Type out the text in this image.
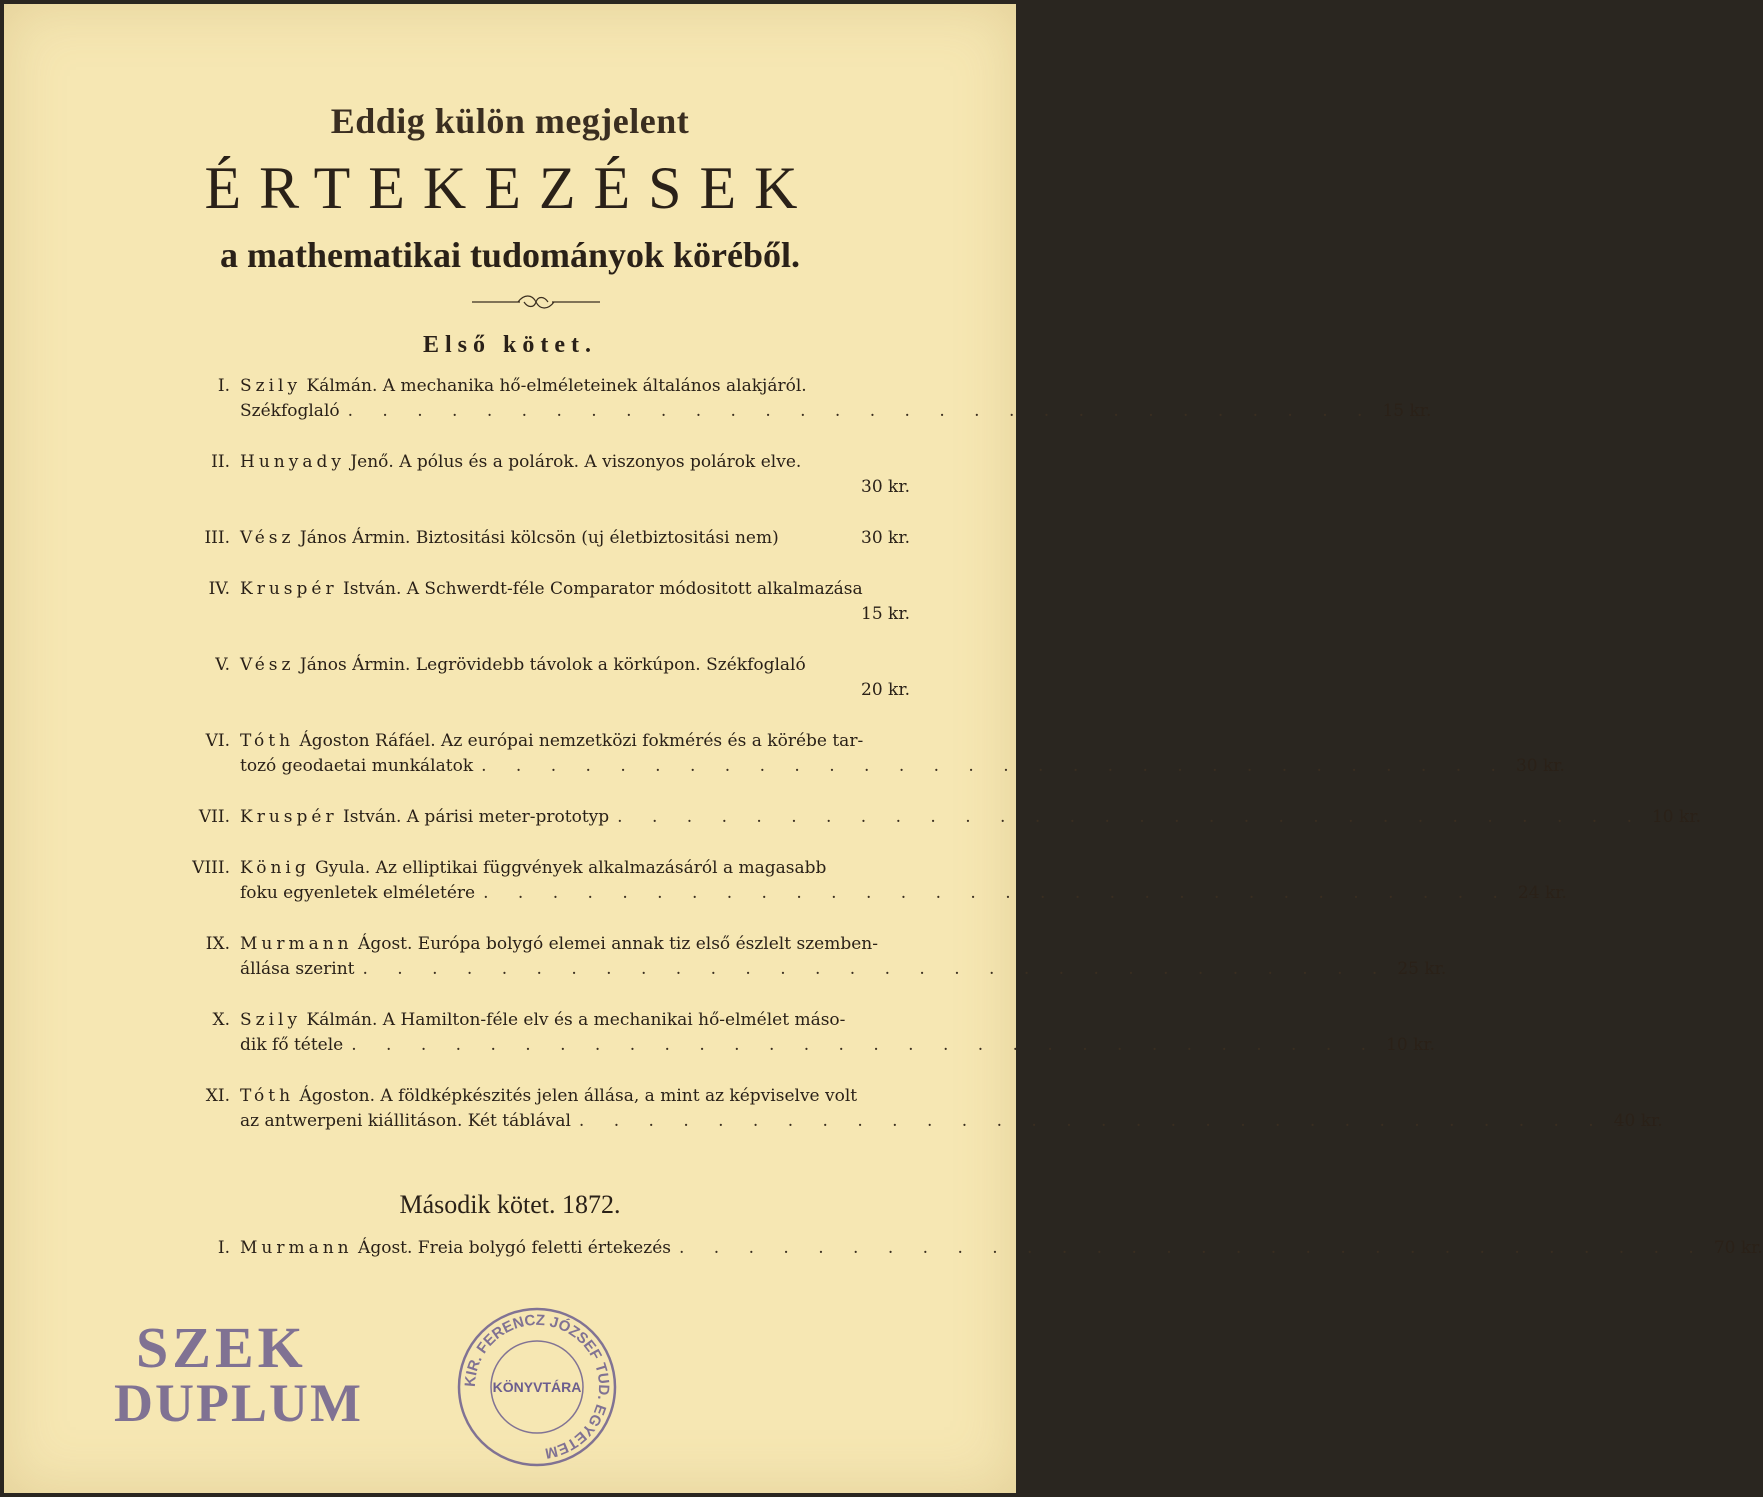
Eddig külön megjelent
ÉRTEKEZÉSEK
a mathematikai tudományok köréből.
Első kötet.
I. Szily Kálmán. A mechanika hő-elméleteinek általános alakjáról.
Székfoglaló . . . . . . . . . . . . . . . . . . . . . . . . . . . . . . 15 kr.
II. Hunyady Jenő. A pólus és a polárok. A viszonyos polárok elve.
30 kr.
III. Vész János Ármin. Biztositási kölcsön (uj életbiztositási nem)	30 kr.
IV. Kruspér István. A Schwerdt-féle Comparator módositott alkalmazása
15 kr.
V. Vész János Ármin. Legrövidebb távolok a körkúpon. Székfoglaló
20 kr.
VI. Tóth Ágoston Ráfáel. Az európai nemzetközi fokmérés és a körébe tar-
tozó geodaetai munkálatok . . . . . . . . . . . . . . . . . . . . . . . . . . . . . . 30 kr.
VII. Kruspér István. A párisi meter-prototyp . . . . . . . . . . . . . . . . . . . . . . . . . . . . . . 10 kr.
VIII. König Gyula. Az elliptikai függvények alkalmazásáról a magasabb
foku egyenletek elméletére . . . . . . . . . . . . . . . . . . . . . . . . . . . . . . 24 kr.
IX. Murmann Ágost. Európa bolygó elemei annak tiz első észlelt szemben-
állása szerint . . . . . . . . . . . . . . . . . . . . . . . . . . . . . . 25 kr.
X. Szily Kálmán. A Hamilton-féle elv és a mechanikai hő-elmélet máso-
dik fő tétele . . . . . . . . . . . . . . . . . . . . . . . . . . . . . . 10 kr.
XI. Tóth Ágoston. A földképkészités jelen állása, a mint az képviselve volt
az antwerpeni kiállitáson. Két táblával . . . . . . . . . . . . . . . . . . . . . . . . . . . . . . 40 kr.
Második kötet. 1872.
I. Murmann Ágost. Freia bolygó feletti értekezés . . . . . . . . . . . . . . . . . . . . . . . . . . . . . . 70 kr.
SZEK
DUPLUM	KIR. FERENCZ JÓZSEF TUD. EGYETEM
KÖNYVTÁRA
